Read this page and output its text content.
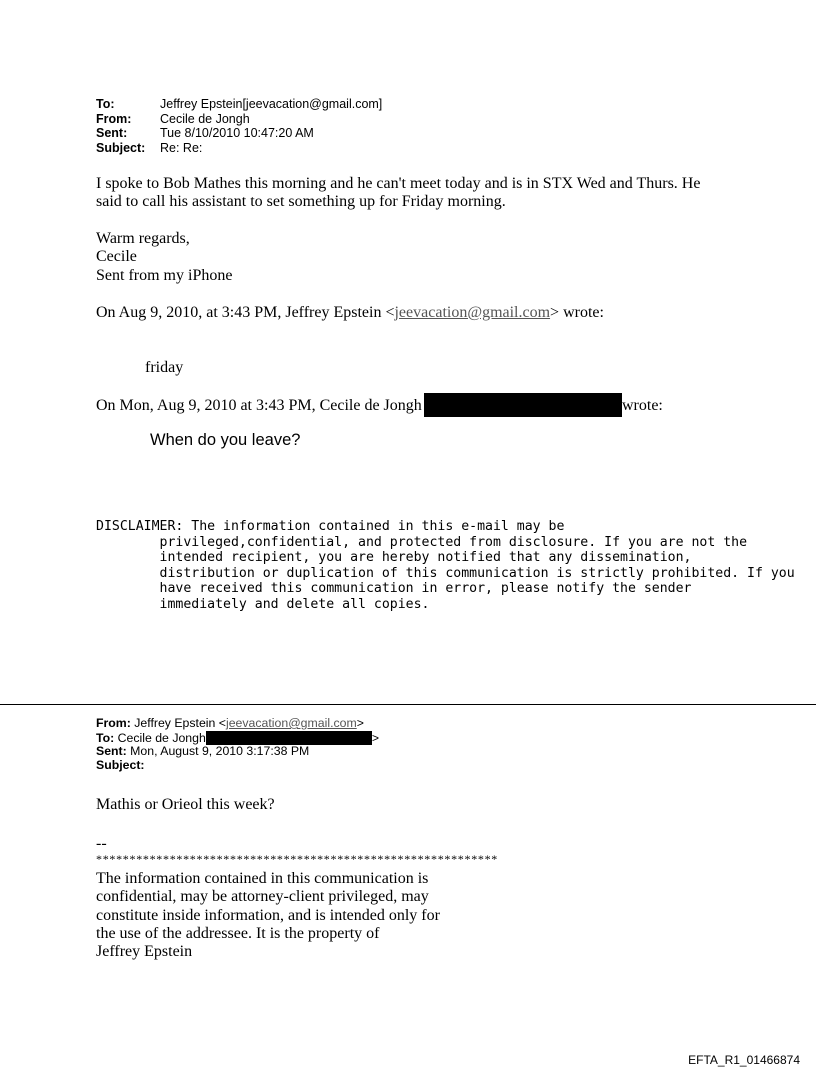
To:	Jeffrey Epstein[jeevacation@gmail.com]
From:	Cecile de Jongh
Sent:	Tue 8/10/2010 10:47:20 AM
Subject:	Re: Re:
I spoke to Bob Mathes this morning and he can't meet today and is in STX Wed and Thurs. He
said to call his assistant to set something up for Friday morning.
Warm regards,
Cecile
Sent from my iPhone
On Aug 9, 2010, at 3:43 PM, Jeffrey Epstein <jeevacation@gmail.com> wrote:
friday
On Mon, Aug 9, 2010 at 3:43 PM, Cecile de Jongh	wrote:
When do you leave?
DISCLAIMER: The information contained in this e-mail may be
privileged,confidential, and protected from disclosure. If you are not the
intended recipient, you are hereby notified that any dissemination,
distribution or duplication of this communication is strictly prohibited. If you
have received this communication in error, please notify the sender
immediately and delete all copies.
From: Jeffrey Epstein <jeevacation@gmail.com>
To: Cecile de Jongh	>
Sent: Mon, August 9, 2010 3:17:38 PM
Subject:
Mathis or Orieol this week?
--
************************************************************
The information contained in this communication is
confidential, may be attorney-client privileged, may
constitute inside information, and is intended only for
the use of the addressee. It is the property of
Jeffrey Epstein
EFTA_R1_01466874
